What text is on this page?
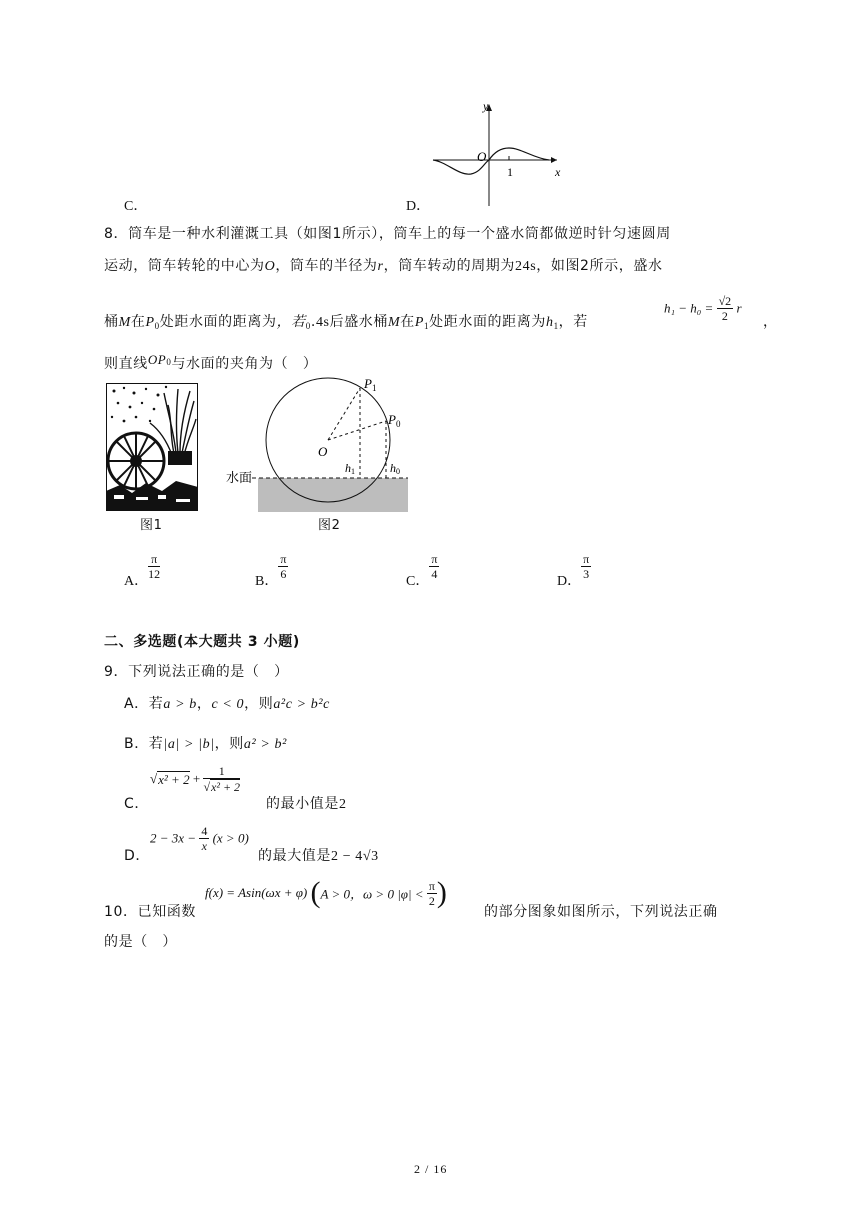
C．	D．
y
O
1	x
8．筒车是一种水利灌溉工具（如图1所示），筒车上的每一个盛水筒都做逆时针匀速圆周
运动，筒车转轮的中心为O，筒车的半径为r，筒车转动的周期为24s，如图2所示，盛水
桶M在$P_0$处距水面的距离为，若$_0$.4s后盛水桶M在$P_1$处距水面的距离为$h_1$，若
$h_1 - h_0 = \frac{√2}{2}$ r
，
则直线$OP^0$与水面的夹角为（　）
图1
$P_1$
$P_0$
O
h1	h0
水面
图2
A．
$\frac{\pi}{12}$
B．
$\frac{\pi}{6}$
C．
$\frac{\pi}{4}$
D．
$\frac{\pi}{3}$
二、多选题(本大题共 3 小题)
9．下列说法正确的是（　）
A．若a > b，c < 0，则a²c > b²c
B．若|a| > |b|，则a² > b²
C．
$√x^2 + 2 + \frac{1}{\text{√x² + 2}}$
的最小值是2
D．
$2 - 3x - \frac{4}{x} (x > 0)$
的最大值是2 − 4√3
10．已知函数
f(x) = Asin(ωx + φ) (A > 0，ω > 0 $|\varphi| < \frac{\pi}{2}$ )
的部分图象如图所示，下列说法正确
的是（　）
2 / 16
